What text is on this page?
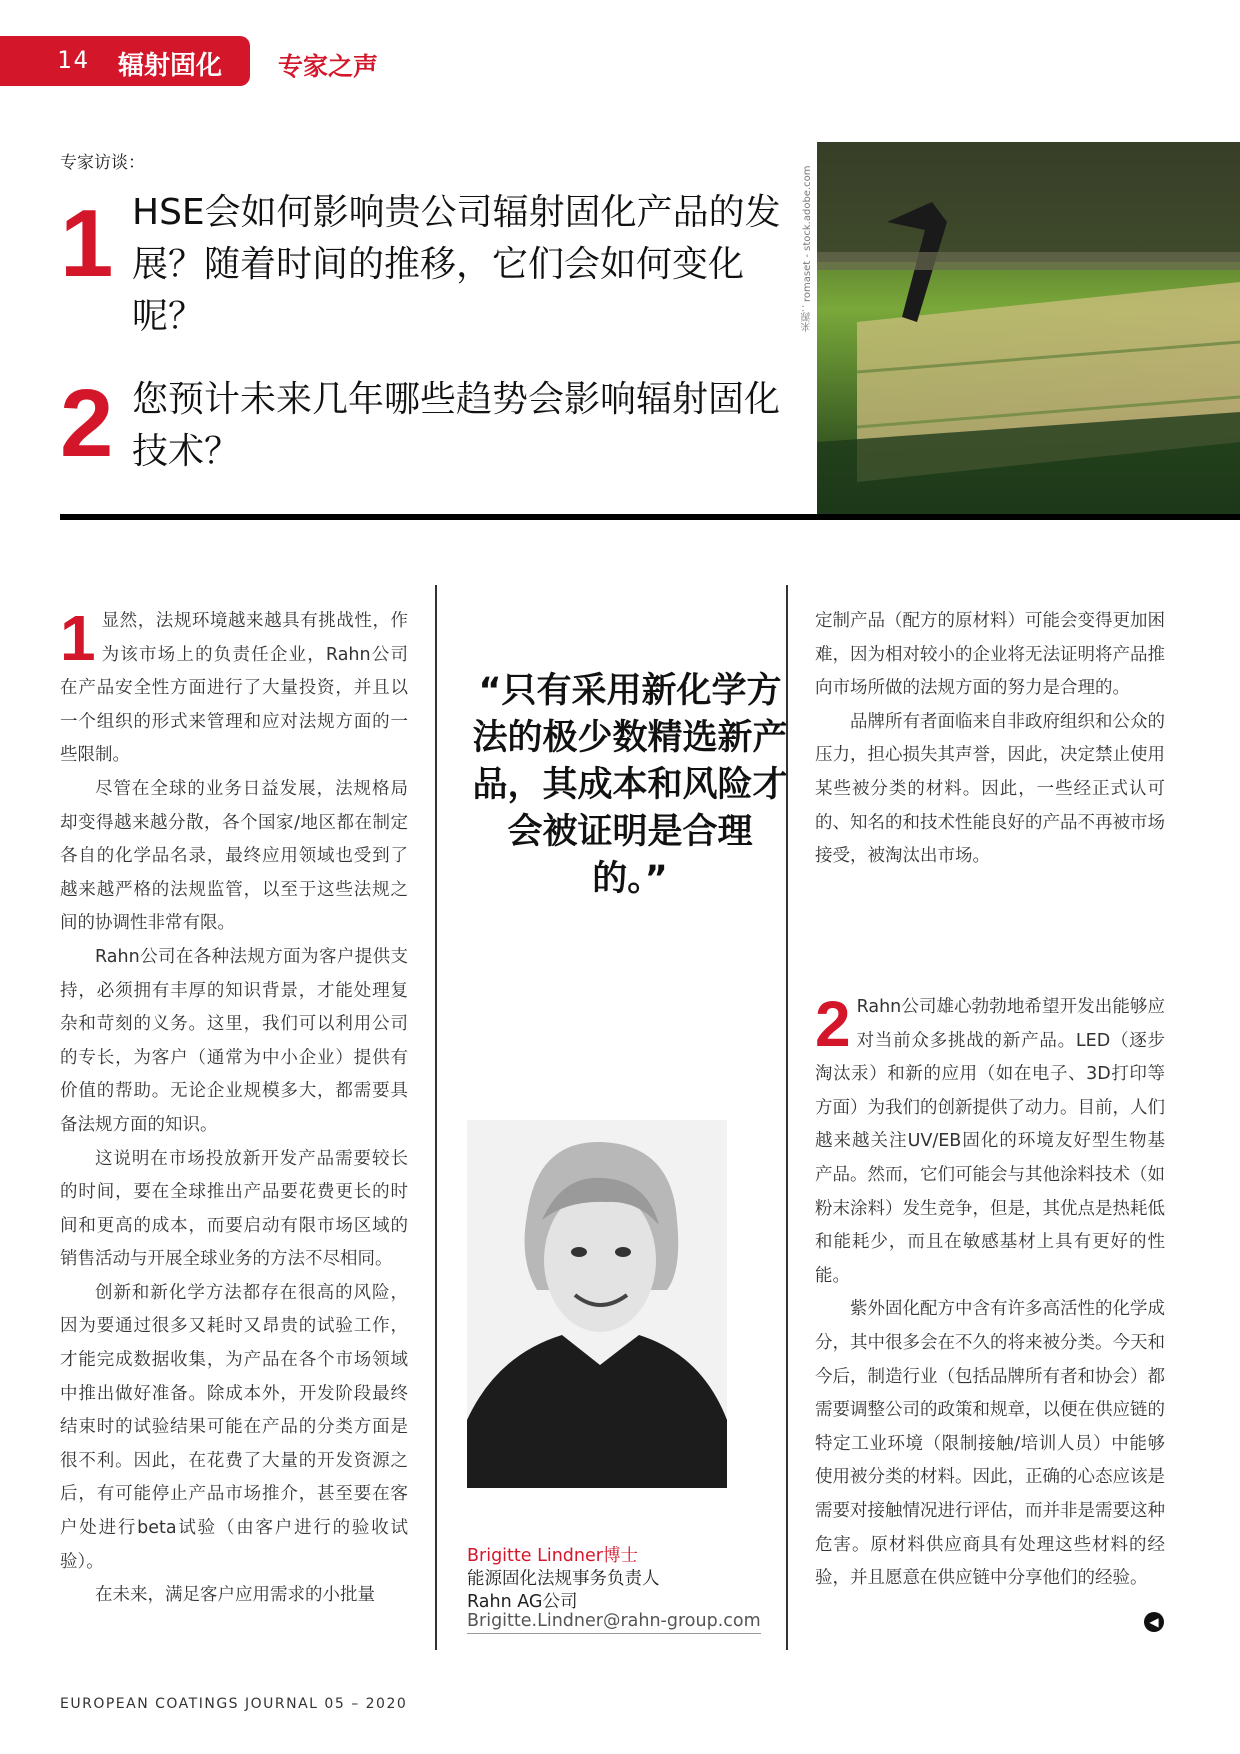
14 辐射固化 专家之声
专家访谈：
1 HSE会如何影响贵公司辐射固化产品的发展？随着时间的推移，它们会如何变化呢？
2 您预计未来几年哪些趋势会影响辐射固化技术？
来源：romaset - stock.adobe.com

1 显然，法规环境越来越具有挑战性，作为该市场上的负责任企业，Rahn公司在产品安全性方面进行了大量投资，并且以一个组织的形式来管理和应对法规方面的一些限制。

尽管在全球的业务日益发展，法规格局却变得越来越分散，各个国家/地区都在制定各自的化学品名录，最终应用领域也受到了越来越严格的法规监管，以至于这些法规之间的协调性非常有限。

Rahn公司在各种法规方面为客户提供支持，必须拥有丰厚的知识背景，才能处理复杂和苛刻的义务。这里，我们可以利用公司的专长，为客户（通常为中小企业）提供有价值的帮助。无论企业规模多大，都需要具备法规方面的知识。

这说明在市场投放新开发产品需要较长的时间，要在全球推出产品要花费更长的时间和更高的成本，而要启动有限市场区域的销售活动与开展全球业务的方法不尽相同。

创新和新化学方法都存在很高的风险，因为要通过很多又耗时又昂贵的试验工作，才能完成数据收集，为产品在各个市场领域中推出做好准备。除成本外，开发阶段最终结束时的试验结果可能在产品的分类方面是很不利。因此，在花费了大量的开发资源之后，有可能停止产品市场推介，甚至要在客户处进行beta试验（由客户进行的验收试验）。

在未来，满足客户应用需求的小批量

“只有采用新化学方法的极少数精选新产品，其成本和风险才会被证明是合理的。”
Brigitte Lindner博士
能源固化法规事务负责人
Rahn AG公司
Brigitte.Lindner@rahn-group.com

定制产品（配方的原材料）可能会变得更加困难，因为相对较小的企业将无法证明将产品推向市场所做的法规方面的努力是合理的。

品牌所有者面临来自非政府组织和公众的压力，担心损失其声誉，因此，决定禁止使用某些被分类的材料。因此，一些经正式认可的、知名的和技术性能良好的产品不再被市场接受，被淘汰出市场。

2 Rahn公司雄心勃勃地希望开发出能够应对当前众多挑战的新产品。LED（逐步淘汰汞）和新的应用（如在电子、3D打印等方面）为我们的创新提供了动力。目前，人们越来越关注UV/EB固化的环境友好型生物基产品。然而，它们可能会与其他涂料技术（如粉末涂料）发生竞争，但是，其优点是热耗低和能耗少，而且在敏感基材上具有更好的性能。

紫外固化配方中含有许多高活性的化学成分，其中很多会在不久的将来被分类。今天和今后，制造行业（包括品牌所有者和协会）都需要调整公司的政策和规章，以便在供应链的特定工业环境（限制接触/培训人员）中能够使用被分类的材料。因此，正确的心态应该是需要对接触情况进行评估，而并非是需要这种危害。原材料供应商具有处理这些材料的经验，并且愿意在供应链中分享他们的经验。

◀
EUROPEAN COATINGS JOURNAL 05 – 2020
